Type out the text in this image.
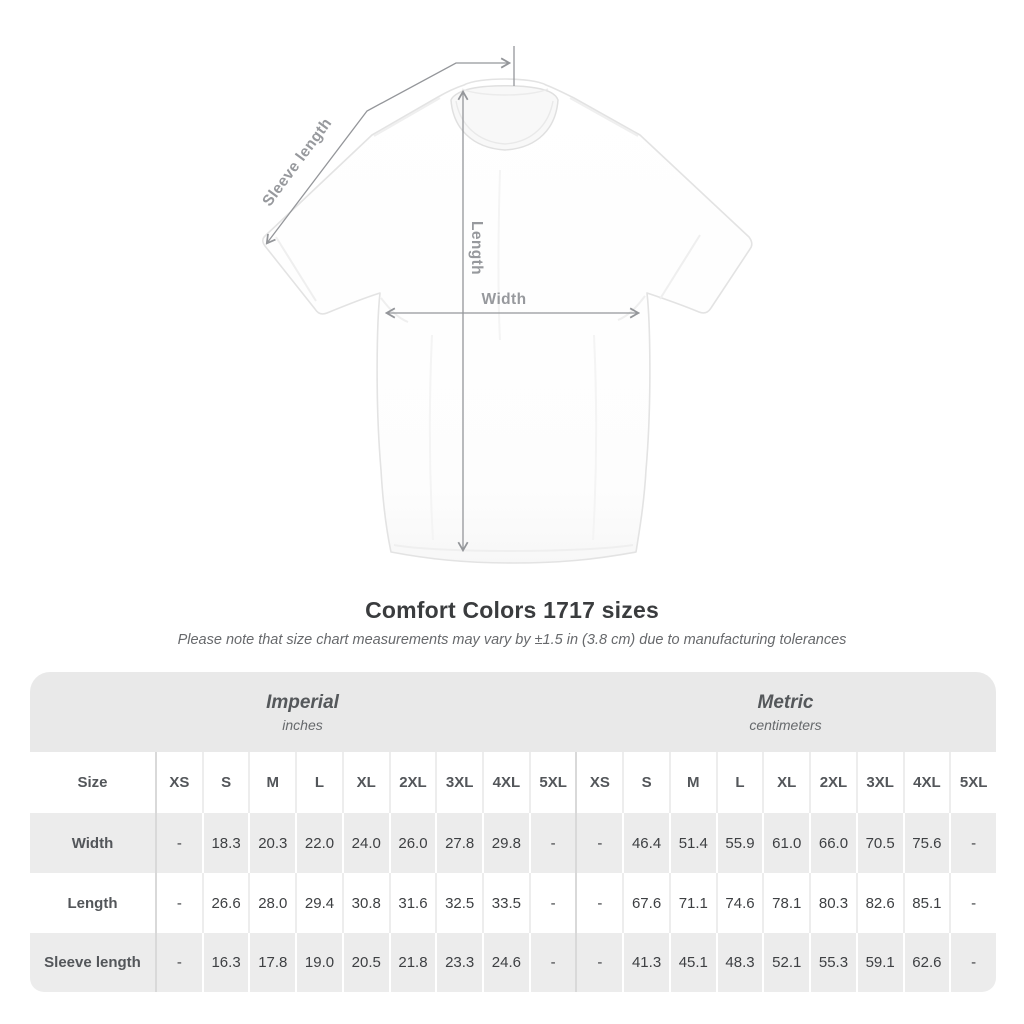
Sleeve length
Length
Width
Comfort Colors 1717 sizes
Please note that size chart measurements may vary by ±1.5 in (3.8 cm) due to manufacturing tolerances
Imperial
inches
Metric
centimeters
Size	XS	S	M	L	XL	2XL	3XL	4XL	5XL	XS	S	M	L	XL	2XL	3XL	4XL	5XL
Width	-	18.3	20.3	22.0	24.0	26.0	27.8	29.8	-	-	46.4	51.4	55.9	61.0	66.0	70.5	75.6	-
Length	-	26.6	28.0	29.4	30.8	31.6	32.5	33.5	-	-	67.6	71.1	74.6	78.1	80.3	82.6	85.1	-
Sleeve length	-	16.3	17.8	19.0	20.5	21.8	23.3	24.6	-	-	41.3	45.1	48.3	52.1	55.3	59.1	62.6	-
